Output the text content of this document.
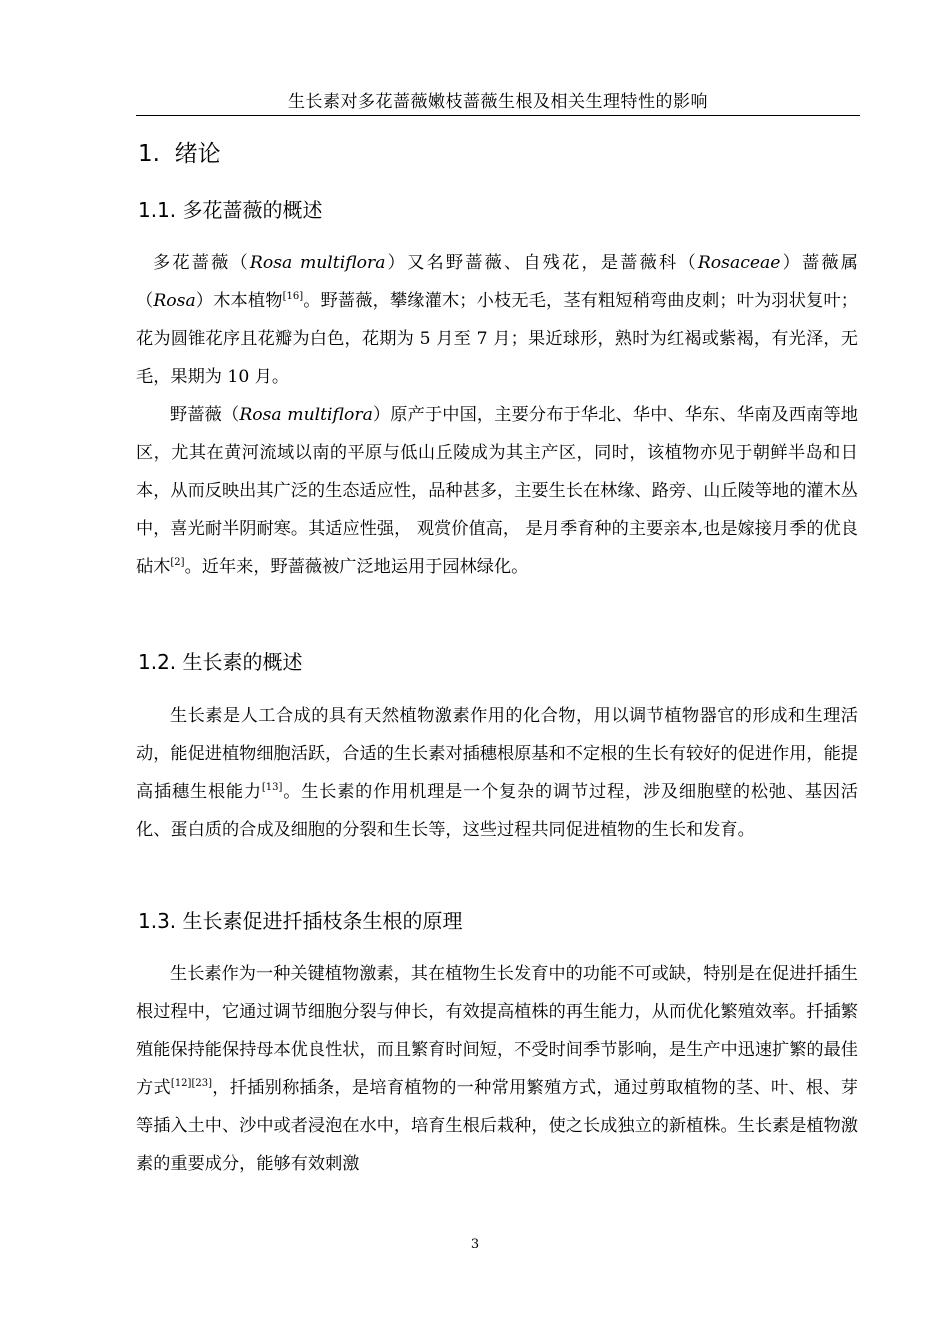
生长素对多花蔷薇嫩枝蔷薇生根及相关生理特性的影响
1. 绪论
1.1. 多花蔷薇的概述

多花蔷薇（Rosa multiflora）又名野蔷薇、自残花，是蔷薇科（Rosaceae）蔷薇属（Rosa）木本植物[16]。野蔷薇，攀缘灌木；小枝无毛，茎有粗短稍弯曲皮刺；叶为羽状复叶；花为圆锥花序且花瓣为白色，花期为 5 月至 7 月；果近球形，熟时为红褐或紫褐，有光泽，无毛，果期为 10 月。

野蔷薇（Rosa multiflora）原产于中国，主要分布于华北、华中、华东、华南及西南等地区，尤其在黄河流域以南的平原与低山丘陵成为其主产区，同时，该植物亦见于朝鲜半岛和日本，从而反映出其广泛的生态适应性，品种甚多，主要生长在林缘、路旁、山丘陵等地的灌木丛中，喜光耐半阴耐寒。其适应性强， 观赏价值高， 是月季育种的主要亲本,也是嫁接月季的优良砧木[2]。近年来，野蔷薇被广泛地运用于园林绿化。

1.2. 生长素的概述

生长素是人工合成的具有天然植物激素作用的化合物，用以调节植物器官的形成和生理活动，能促进植物细胞活跃，合适的生长素对插穗根原基和不定根的生长有较好的促进作用，能提高插穗生根能力[13]。生长素的作用机理是一个复杂的调节过程，涉及细胞壁的松弛、基因活化、蛋白质的合成及细胞的分裂和生长等，这些过程共同促进植物的生长和发育。

1.3. 生长素促进扦插枝条生根的原理

生长素作为一种关键植物激素，其在植物生长发育中的功能不可或缺，特别是在促进扦插生根过程中，它通过调节细胞分裂与伸长，有效提高植株的再生能力，从而优化繁殖效率。扦插繁殖能保持能保持母本优良性状，而且繁育时间短，不受时间季节影响，是生产中迅速扩繁的最佳方式[12][23]，扦插别称插条，是培育植物的一种常用繁殖方式，通过剪取植物的茎、叶、根、芽等插入土中、沙中或者浸泡在水中，培育生根后栽种，使之长成独立的新植株。生长素是植物激素的重要成分，能够有效刺激

3
